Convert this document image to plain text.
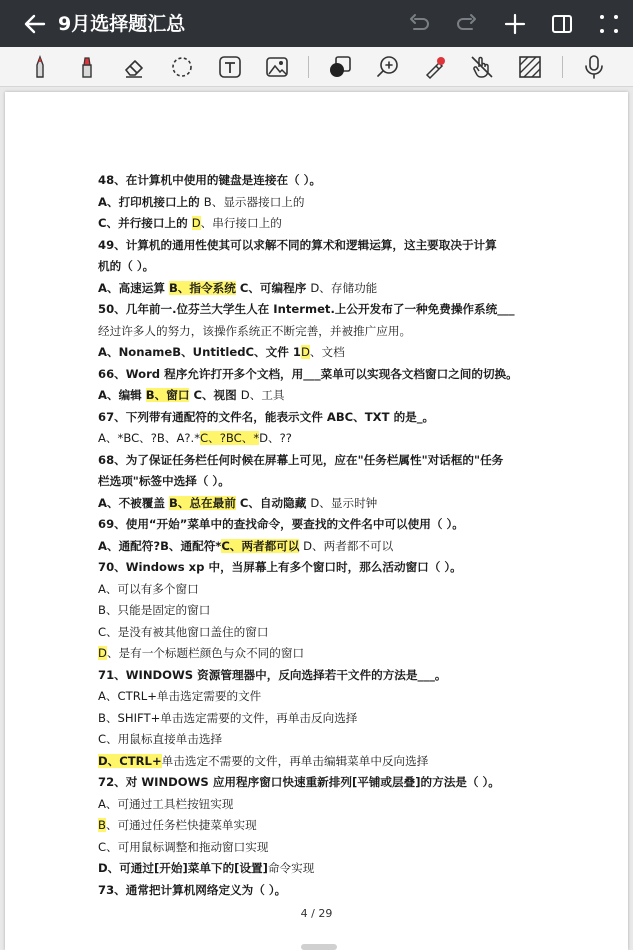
9月选择题汇总
48、在计算机中使用的键盘是连接在（ ）。
A、打印机接口上的 B、显示器接口上的
C、并行接口上的 D、串行接口上的
49、计算机的通用性使其可以求解不同的算术和逻辑运算，这主要取决于计算
机的（ ）。
A、高速运算 B、指令系统 C、可编程序 D、存储功能
50、几年前一.位芬兰大学生人在 Intermet.上公开发布了一种免费操作系统___
经过许多人的努力，该操作系统正不断完善，并被推广应用。
A、NonameB、UntitledC、文件 1D、文档
66、Word 程序允许打开多个文档，用___菜单可以实现各文档窗口之间的切换。
A、编辑 B、窗口 C、视图 D、工具
67、下列带有通配符的文件名，能表示文件 ABC、TXT 的是_。
A、*BC、?B、A?.*C、?BC、*D、??
68、为了保证任务栏任何时候在屏幕上可见，应在"任务栏属性"对话框的"任务
栏选项"标签中选择（ ）。
A、不被覆盖 B、总在最前 C、自动隐藏 D、显示时钟
69、使用“开始”菜单中的查找命令，要查找的文件名中可以使用（ ）。
A、通配符?B、通配符*C、两者都可以 D、两者都不可以
70、Windows xp 中，当屏幕上有多个窗口时，那么活动窗口（ ）。
A、可以有多个窗口
B、只能是固定的窗口
C、是没有被其他窗口盖住的窗口
D、是有一个标题栏颜色与众不同的窗口
71、WINDOWS 资源管理器中，反向选择若干文件的方法是___。
A、CTRL+单击选定需要的文件
B、SHIFT+单击选定需要的文件，再单击反向选择
C、用鼠标直接单击选择
D、CTRL+单击选定不需要的文件，再单击编辑菜单中反向选择
72、对 WINDOWS 应用程序窗口快速重新排列[平铺或层叠]的方法是（ ）。
A、可通过工具栏按钮实现
B、可通过任务栏快捷菜单实现
C、可用鼠标调整和拖动窗口实现
D、可通过[开始]菜单下的[设置]命令实现
73、通常把计算机网络定义为（ ）。
4 / 29
